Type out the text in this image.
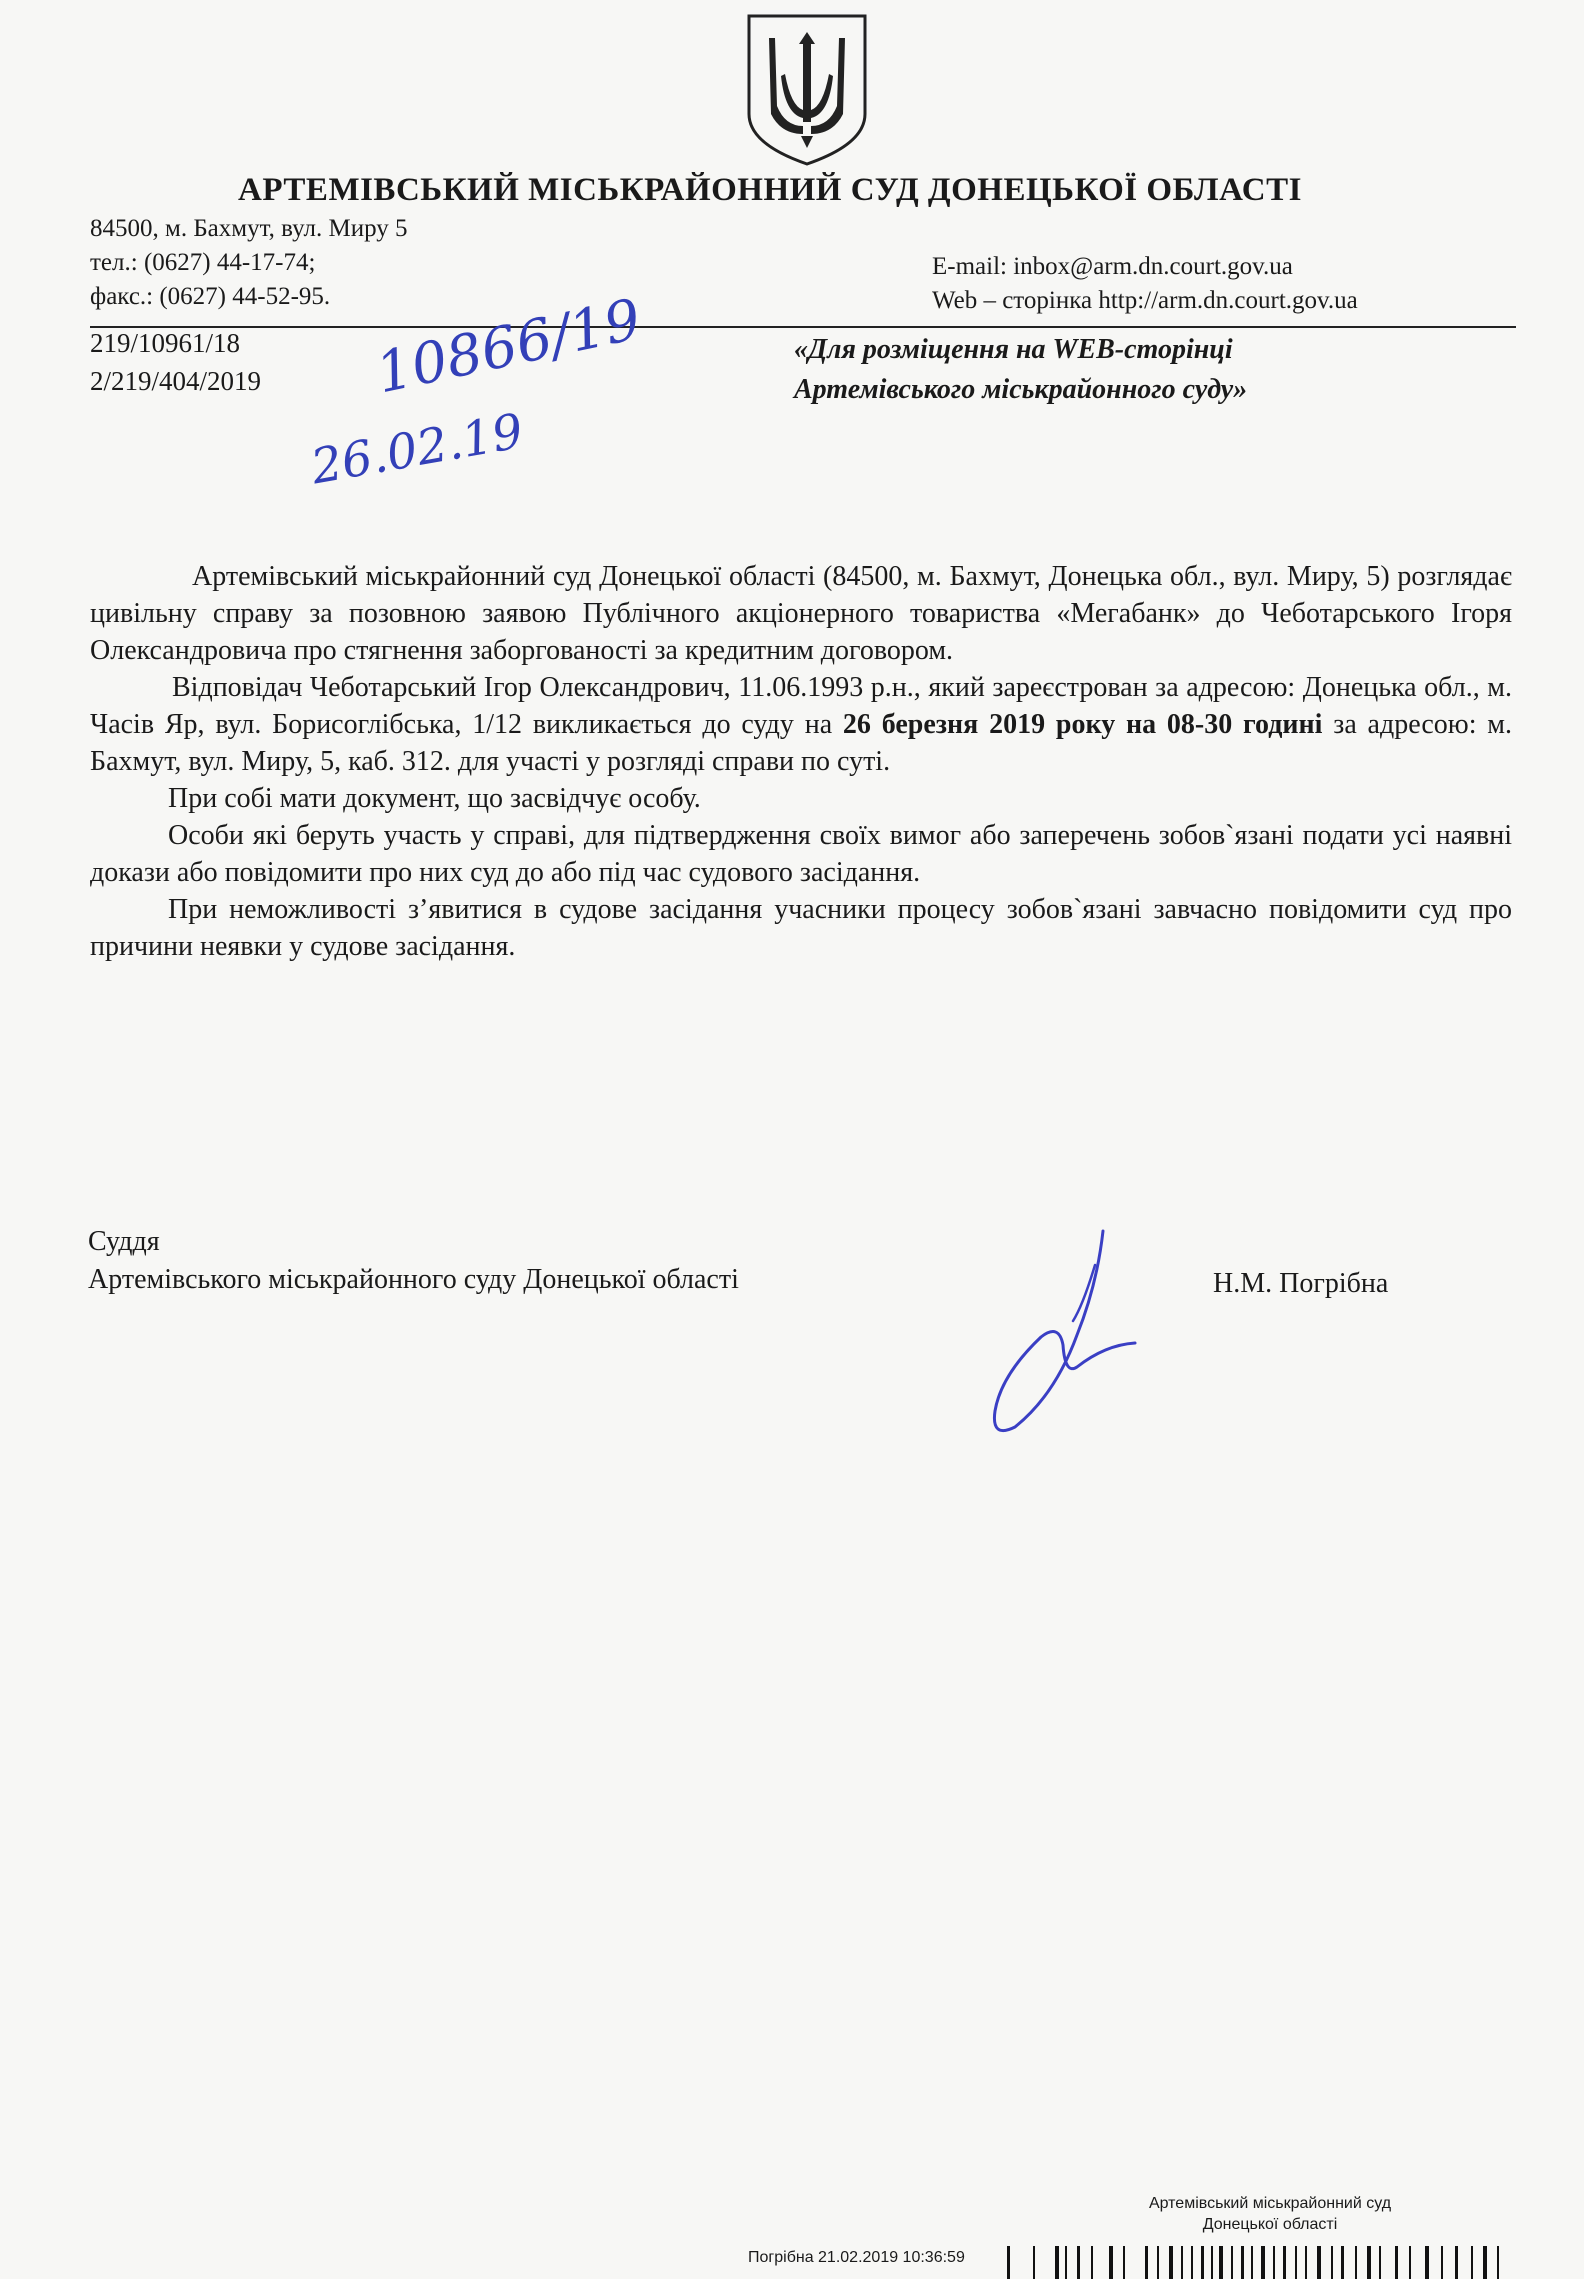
АРТЕМІВСЬКИЙ МІСЬКРАЙОННИЙ СУД ДОНЕЦЬКОЇ ОБЛАСТІ
84500, м. Бахмут, вул. Миру 5
тел.: (0627) 44-17-74;
факс.: (0627) 44-52-95.
E-mail: inbox@arm.dn.court.gov.ua
Web – сторінка http://arm.dn.court.gov.ua
219/10961/18
2/219/404/2019 10866/19
26.02.19
«Для розміщення на WEB-сторінці
Артемівського міськрайонного суду»

Артемівський міськрайонний суд Донецької області (84500, м. Бахмут, Донецька обл., вул. Миру, 5) розглядає цивільну справу за позовною заявою Публічного акціонерного товариства «Мегабанк» до Чеботарського Ігоря Олександровича про стягнення заборгованості за кредитним договором.

Відповідач Чеботарський Ігор Олександрович, 11.06.1993 р.н., який зареєстрован за адресою: Донецька обл., м. Часів Яр, вул. Борисоглібська, 1/12 викликається до суду на 26 березня 2019 року на 08-30 годині за адресою: м. Бахмут, вул. Миру, 5, каб. 312. для участі у розгляді справи по суті.

При собі мати документ, що засвідчує особу.

Особи які беруть участь у справі, для підтвердження своїх вимог або заперечень зобов`язані подати усі наявні докази або повідомити про них суд до або під час судового засідання.

При неможливості з’явитися в судове засідання учасники процесу зобов`язані завчасно повідомити суд про причини неявки у судове засідання.

Суддя
Артемівського міськрайонного суду Донецької області	Н.М. Погрібна
Артемівський міськрайонний суд
Донецької області
Погрібна 21.02.2019 10:36:59
